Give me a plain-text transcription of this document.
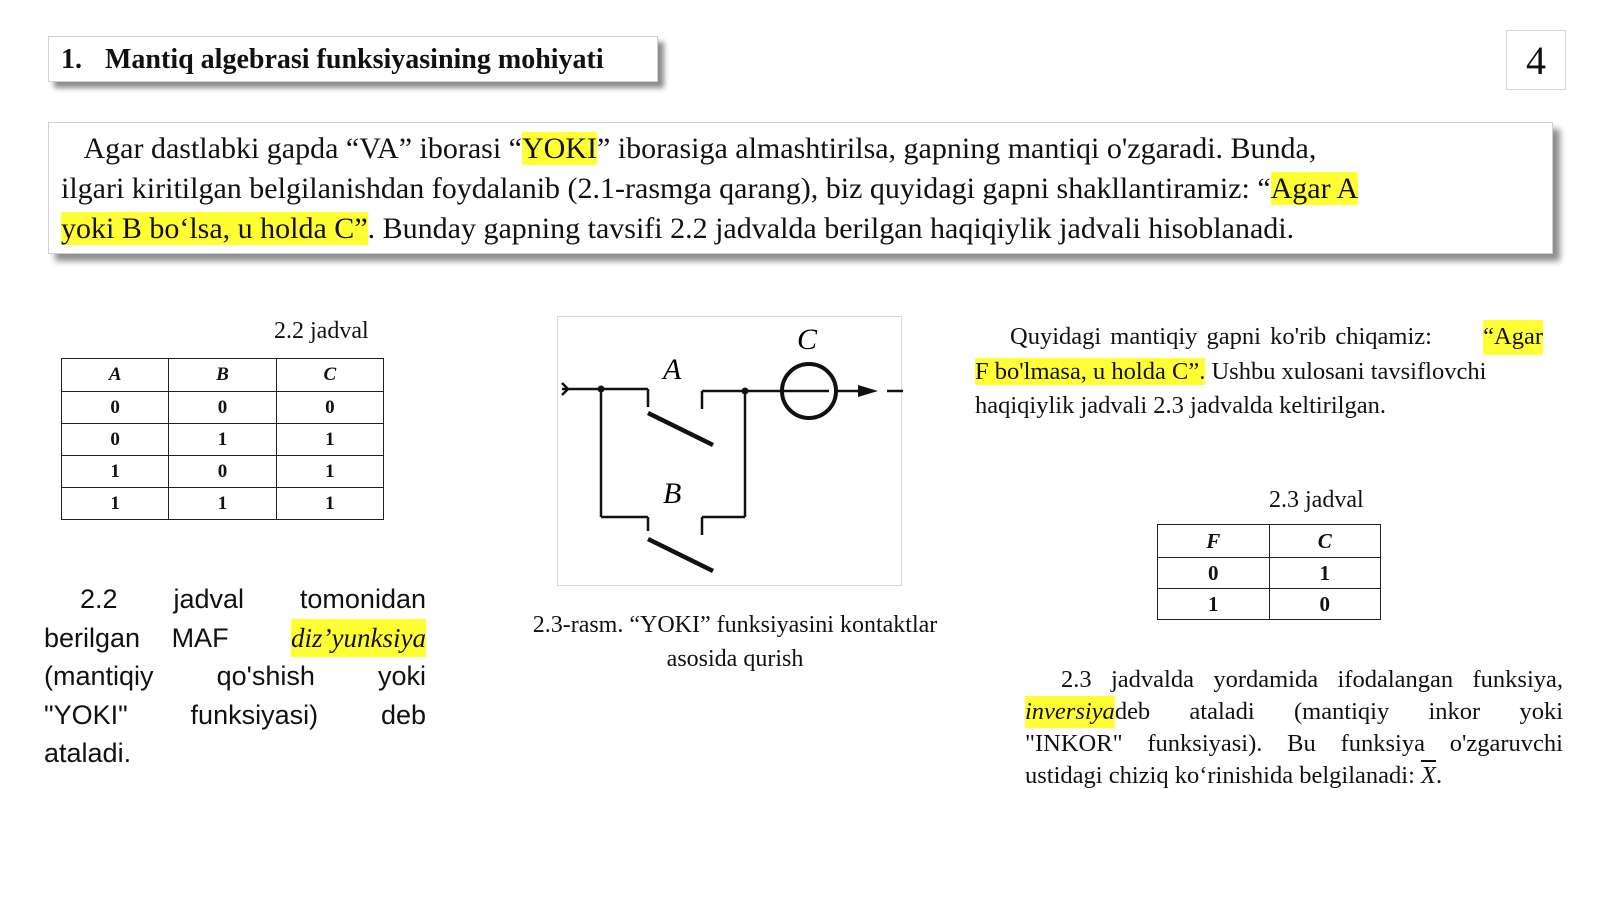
1. Mantiq algebrasi funksiyasining mohiyati	4
Agar dastlabki gapda “VA” iborasi “YOKI” iborasiga almashtirilsa, gapning mantiqi o'zgaradi. Bunda,
ilgari kiritilgan belgilanishdan foydalanib (2.1-rasmga qarang), biz quyidagi gapni shakllantiramiz: “Agar A
yoki B bo‘lsa, u holda C”. Bunday gapning tavsifi 2.2 jadvalda berilgan haqiqiylik jadvali hisoblanadi.
2.2 jadval
A	B	C
0	0	0
0	1	1
1	0	1
1	1	1
2.2 jadval tomonidan
berilgan MAF diz’yunksiya
(mantiqiy qo'shish yoki
"YOKI" funksiyasi) deb
ataladi.
A
B
C
2.3-rasm. “YOKI” funksiyasini kontaktlar
asosida qurish
Quyidagi mantiqiy gapni ko'rib chiqamiz: “Agar
F bo'lmasa, u holda C”. Ushbu xulosani tavsiflovchi
haqiqiylik jadvali 2.3 jadvalda keltirilgan.
2.3 jadval
F	C
0	1
1	0
2.3 jadvalda yordamida ifodalangan funksiya,
inversiya deb ataladi (mantiqiy inkor yoki
"INKOR" funksiyasi). Bu funksiya o'zgaruvchi
ustidagi chiziq ko‘rinishida belgilanadi: $\overline{X}$.
